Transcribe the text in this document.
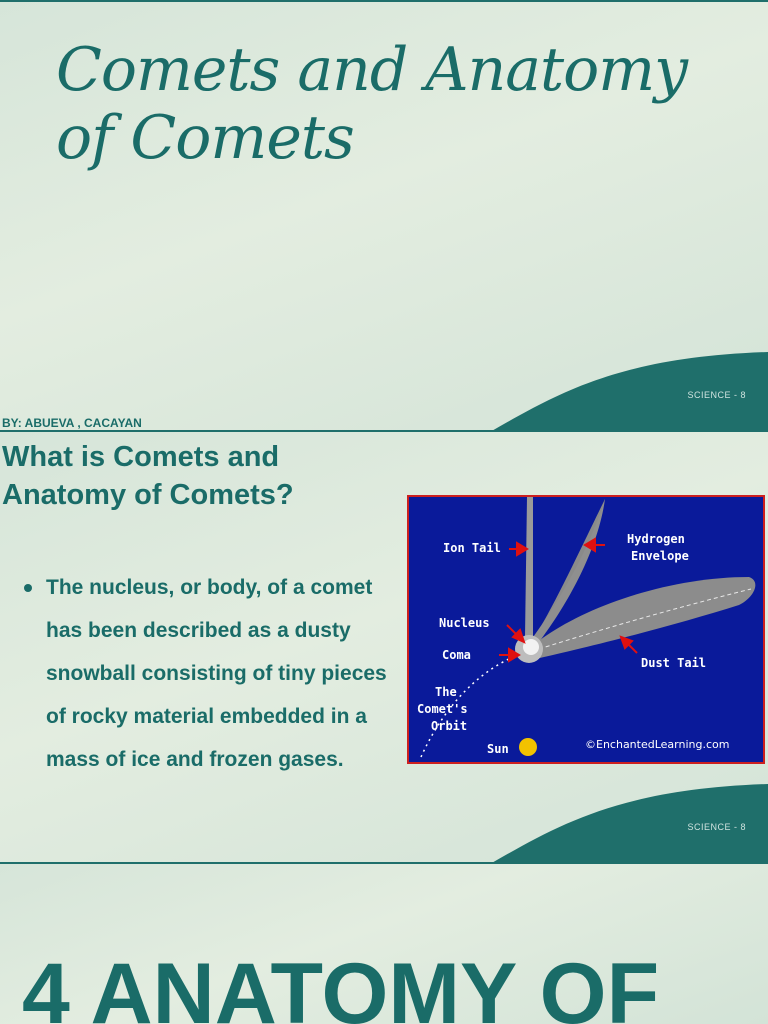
Comets and Anatomy of Comets
SCIENCE - 8

BY: ABUEVA , CACAYAN

What is Comets and Anatomy of Comets?

The nucleus, or body, of a comet has been described as a dusty snowball consisting of tiny pieces of rocky material embedded in a mass of ice and frozen gases.

Ion Tail
Hydrogen
Envelope
Nucleus
Coma
Dust Tail
The
Comet's
Orbit
Sun	©EnchantedLearning.com
SCIENCE - 8
4 ANATOMY OF
